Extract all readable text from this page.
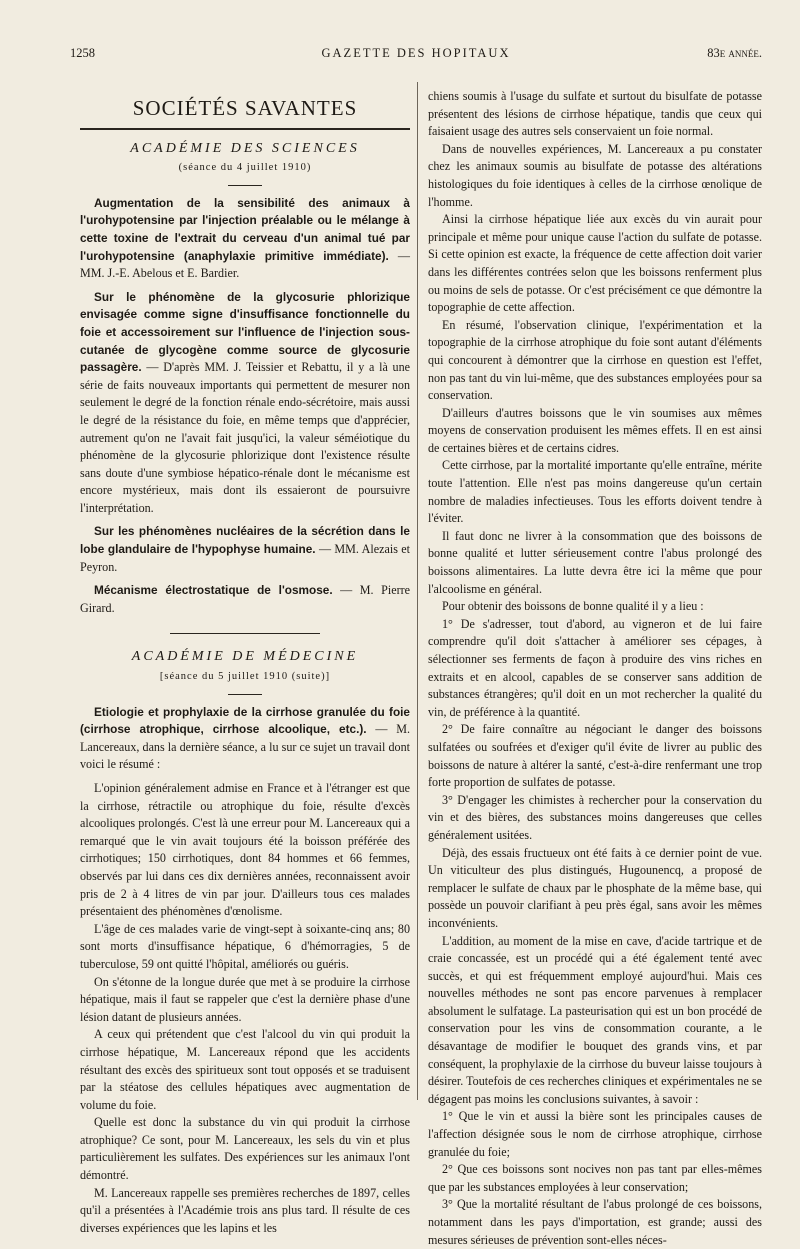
1258	GAZETTE DES HOPITAUX	83e année.
SOCIÉTÉS SAVANTES
ACADÉMIE DES SCIENCES
(séance du 4 juillet 1910)

Augmentation de la sensibilité des animaux à l'urohypotensine par l'injection préalable ou le mélange à cette toxine de l'extrait du cerveau d'un animal tué par l'urohypotensine (anaphylaxie primitive immédiate). — MM. J.-E. Abelous et E. Bardier.

Sur le phénomène de la glycosurie phlorizique envisagée comme signe d'insuffisance fonctionnelle du foie et accessoirement sur l'influence de l'injection sous-cutanée de glycogène comme source de glycosurie passagère. — D'après MM. J. Teissier et Rebattu, il y a là une série de faits nouveaux importants qui permettent de mesurer non seulement le degré de la fonction rénale endo-sécrétoire, mais aussi le degré de la résistance du foie, en même temps que d'apprécier, autrement qu'on ne l'avait fait jusqu'ici, la valeur séméiotique du phénomène de la glycosurie phlorizique dont l'existence résulte sans doute d'une symbiose hépatico-rénale dont le mécanisme est encore mystérieux, mais dont ils essaieront de poursuivre l'interprétation.

Sur les phénomènes nucléaires de la sécrétion dans le lobe glandulaire de l'hypophyse humaine. — MM. Alezais et Peyron.

Mécanisme électrostatique de l'osmose. — M. Pierre Girard.

ACADÉMIE DE MÉDECINE
[séance du 5 juillet 1910 (suite)]

Etiologie et prophylaxie de la cirrhose granulée du foie (cirrhose atrophique, cirrhose alcoolique, etc.). — M. Lancereaux, dans la dernière séance, a lu sur ce sujet un travail dont voici le résumé :

L'opinion généralement admise en France et à l'étranger est que la cirrhose, rétractile ou atrophique du foie, résulte d'excès alcooliques prolongés. C'est là une erreur pour M. Lancereaux qui a remarqué que le vin avait toujours été la boisson préférée des cirrhotiques; 150 cirrhotiques, dont 84 hommes et 66 femmes, observés par lui dans ces dix dernières années, reconnaissent avoir pris de 2 à 4 litres de vin par jour. D'ailleurs tous ces malades présentaient des phénomènes d'œnolisme.

L'âge de ces malades varie de vingt-sept à soixante-cinq ans; 80 sont morts d'insuffisance hépatique, 6 d'hémorragies, 5 de tuberculose, 59 ont quitté l'hôpital, améliorés ou guéris.

On s'étonne de la longue durée que met à se produire la cirrhose hépatique, mais il faut se rappeler que c'est la dernière phase d'une lésion datant de plusieurs années.

A ceux qui prétendent que c'est l'alcool du vin qui produit la cirrhose hépatique, M. Lancereaux répond que les accidents résultant des excès des spiritueux sont tout opposés et se traduisent par la stéatose des cellules hépatiques avec augmentation de volume du foie.

Quelle est donc la substance du vin qui produit la cirrhose atrophique? Ce sont, pour M. Lancereaux, les sels du vin et plus particulièrement les sulfates. Des expériences sur les animaux l'ont démontré.

M. Lancereaux rappelle ses premières recherches de 1897, celles qu'il a présentées à l'Académie trois ans plus tard. Il résulte de ces diverses expériences que les lapins et les

chiens soumis à l'usage du sulfate et surtout du bisulfate de potasse présentent des lésions de cirrhose hépatique, tandis que ceux qui faisaient usage des autres sels conservaient un foie normal.

Dans de nouvelles expériences, M. Lancereaux a pu constater chez les animaux soumis au bisulfate de potasse des altérations histologiques du foie identiques à celles de la cirrhose œnolique de l'homme.

Ainsi la cirrhose hépatique liée aux excès du vin aurait pour principale et même pour unique cause l'action du sulfate de potasse. Si cette opinion est exacte, la fréquence de cette affection doit varier dans les différentes contrées selon que les boissons renferment plus ou moins de sels de potasse. Or c'est précisément ce que démontre la topographie de cette affection.

En résumé, l'observation clinique, l'expérimentation et la topographie de la cirrhose atrophique du foie sont autant d'éléments qui concourent à démontrer que la cirrhose en question est l'effet, non pas tant du vin lui-même, que des substances employées pour sa conservation.

D'ailleurs d'autres boissons que le vin soumises aux mêmes moyens de conservation produisent les mêmes effets. Il en est ainsi de certaines bières et de certains cidres.

Cette cirrhose, par la mortalité importante qu'elle entraîne, mérite toute l'attention. Elle n'est pas moins dangereuse qu'un certain nombre de maladies infectieuses. Tous les efforts doivent tendre à l'éviter.

Il faut donc ne livrer à la consommation que des boissons de bonne qualité et lutter sérieusement contre l'abus prolongé des boissons alimentaires. La lutte devra être ici la même que pour l'alcoolisme en général.

Pour obtenir des boissons de bonne qualité il y a lieu :

1° De s'adresser, tout d'abord, au vigneron et de lui faire comprendre qu'il doit s'attacher à améliorer ses cépages, à sélectionner ses ferments de façon à produire des vins riches en extraits et en alcool, capables de se conserver sans addition de substances étrangères; qu'il doit en un mot rechercher la qualité du vin, de préférence à la quantité.

2° De faire connaître au négociant le danger des boissons sulfatées ou soufrées et d'exiger qu'il évite de livrer au public des boissons de nature à altérer la santé, c'est-à-dire renfermant une trop forte proportion de sulfates de potasse.

3° D'engager les chimistes à rechercher pour la conservation du vin et des bières, des substances moins dangereuses que celles généralement usitées.

Déjà, des essais fructueux ont été faits à ce dernier point de vue. Un viticulteur des plus distingués, Hugounencq, a proposé de remplacer le sulfate de chaux par le phosphate de la même base, qui possède un pouvoir clarifiant à peu près égal, sans avoir les mêmes inconvénients.

L'addition, au moment de la mise en cave, d'acide tartrique et de craie concassée, est un procédé qui a été également tenté avec succès, et qui est fréquemment employé aujourd'hui. Mais ces nouvelles méthodes ne sont pas encore parvenues à remplacer absolument le sulfatage. La pasteurisation qui est un bon procédé de conservation pour les vins de consommation courante, a le désavantage de modifier le bouquet des grands vins, et par conséquent, la prophylaxie de la cirrhose du buveur laisse toujours à désirer. Toutefois de ces recherches cliniques et expérimentales ne se dégagent pas moins les conclusions suivantes, à savoir :

1° Que le vin et aussi la bière sont les principales causes de l'affection désignée sous le nom de cirrhose atrophique, cirrhose granulée du foie;

2° Que ces boissons sont nocives non pas tant par elles-mêmes que par les substances employées à leur conservation;

3° Que la mortalité résultant de l'abus prolongé de ces boissons, notamment dans les pays d'importation, est grande; aussi des mesures sérieuses de prévention sont-elles néces-
